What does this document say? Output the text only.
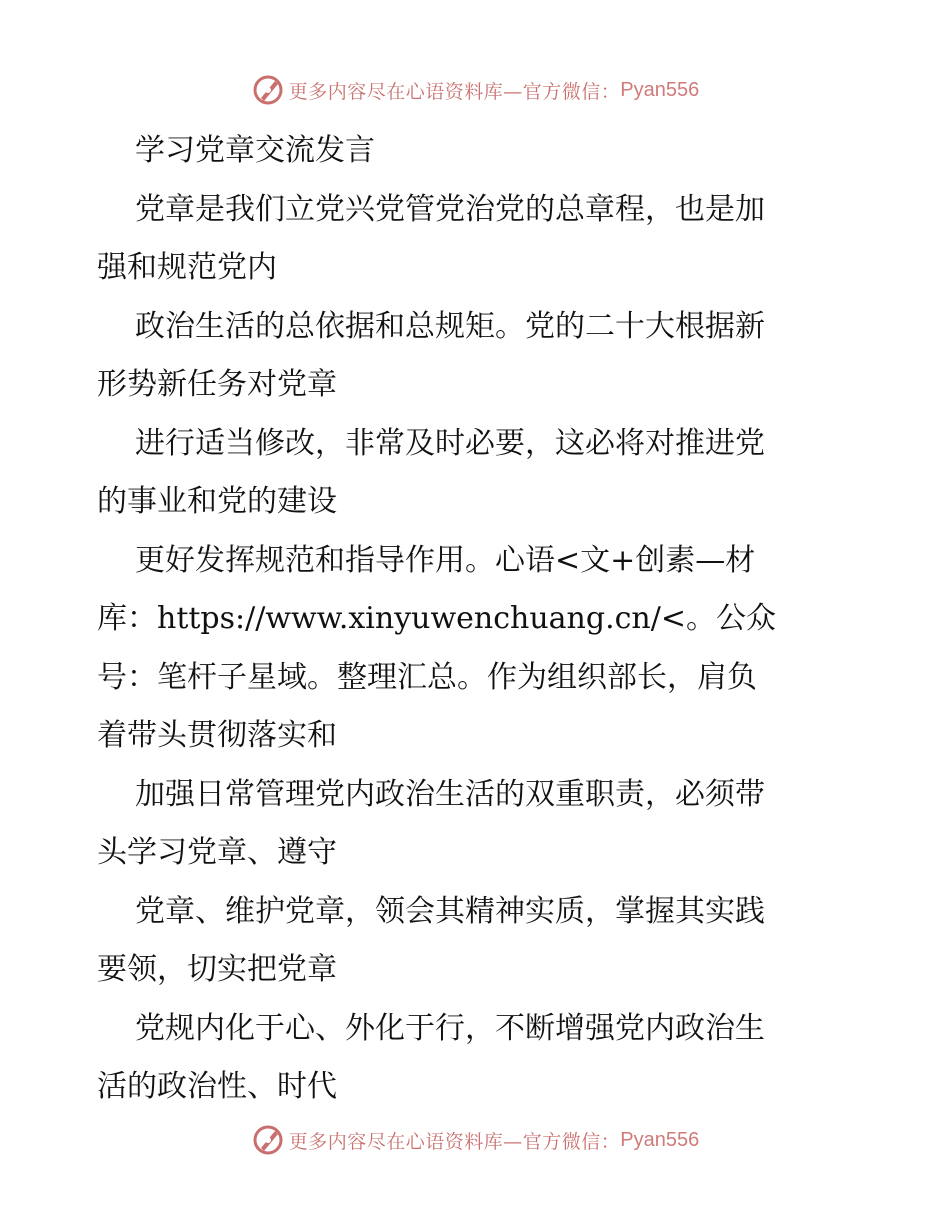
更多内容尽在心语资料库—官方微信： Pyan556
学习党章交流发言
党章是我们立党兴党管党治党的总章程，也是加
强和规范党内
政治生活的总依据和总规矩。党的二十大根据新
形势新任务对党章
进行适当修改，非常及时必要，这必将对推进党
的事业和党的建设
更好发挥规范和指导作用。心语<文+创素—材
库：https://www.xinyuwenchuang.cn/<。公众
号：笔杆子星域。整理汇总。作为组织部长，肩负
着带头贯彻落实和
加强日常管理党内政治生活的双重职责，必须带
头学习党章、遵守
党章、维护党章，领会其精神实质，掌握其实践
要领，切实把党章
党规内化于心、外化于行，不断增强党内政治生
活的政治性、时代
更多内容尽在心语资料库—官方微信： Pyan556
